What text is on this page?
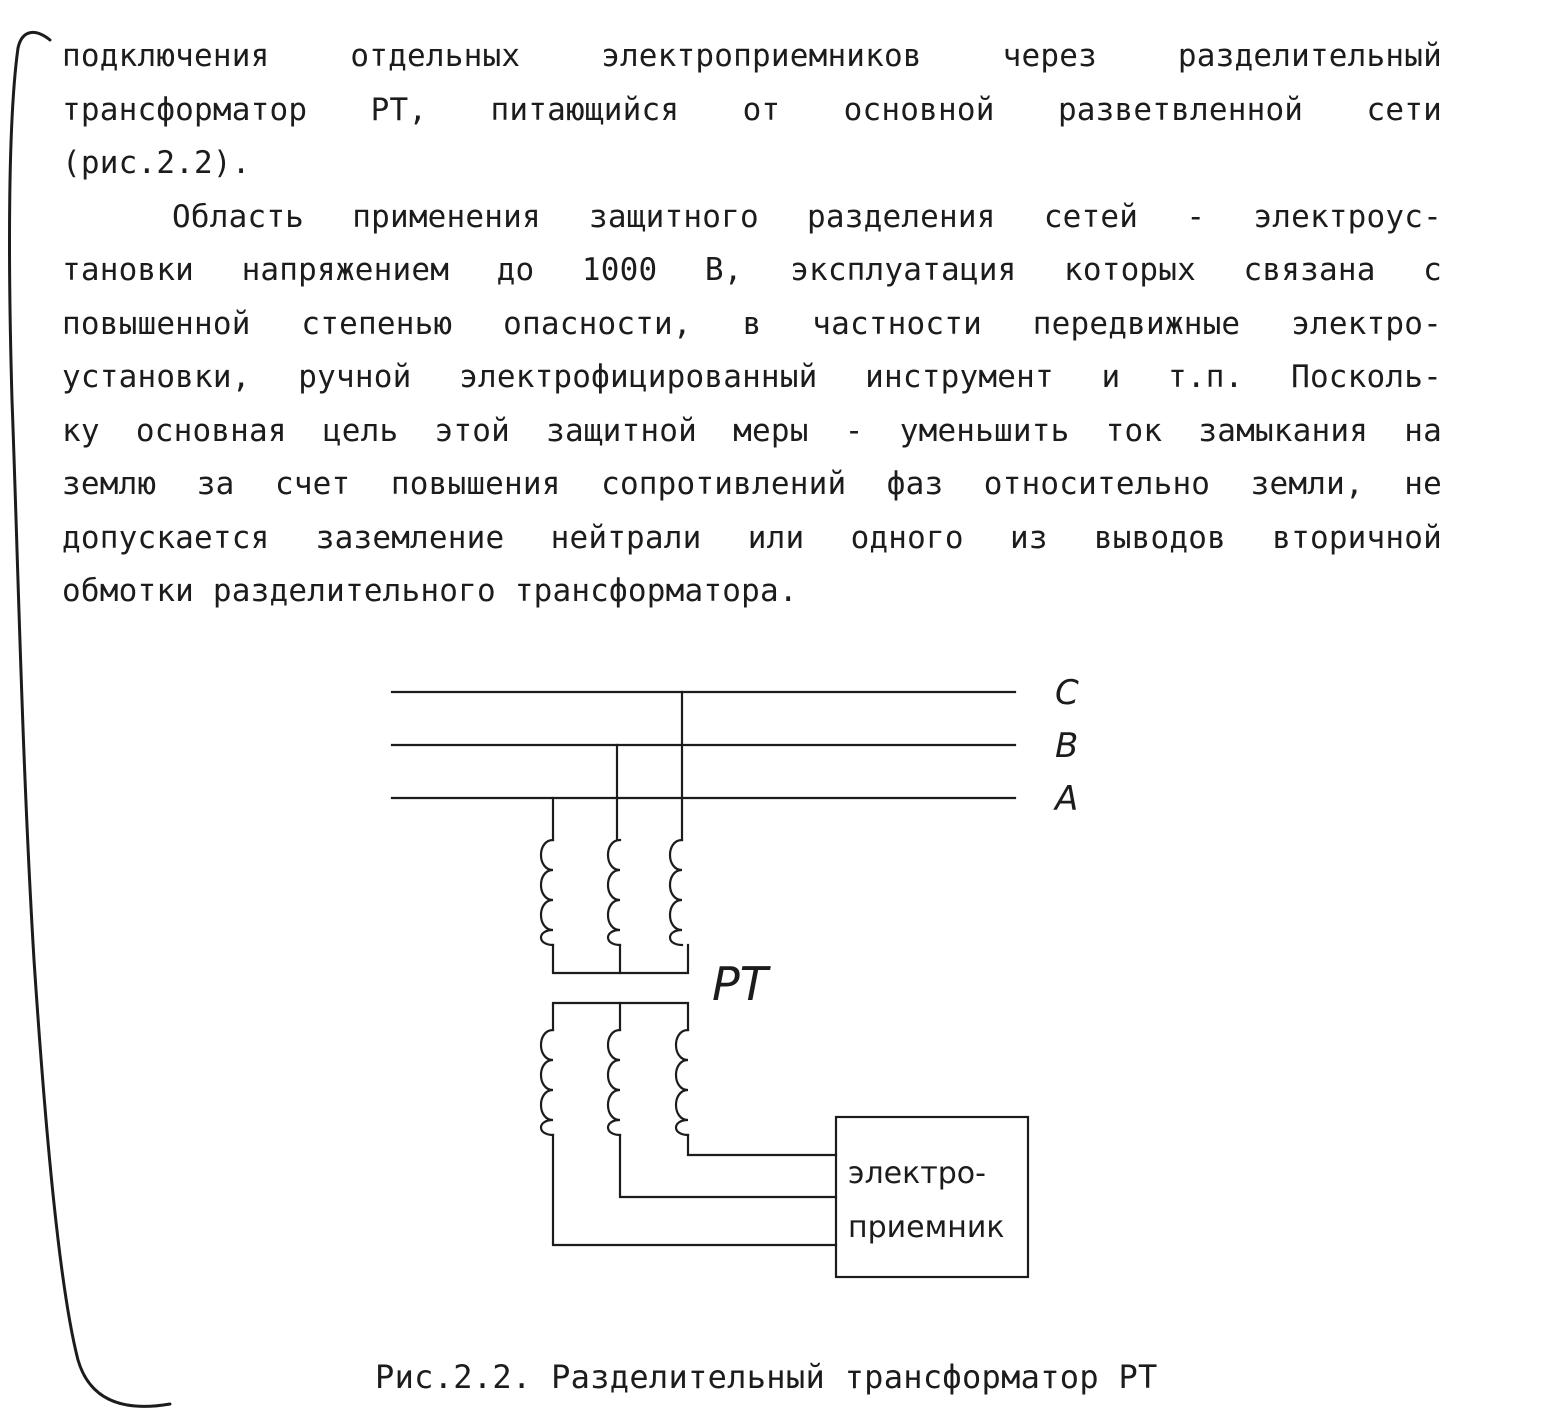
подключения отдельных электроприемников через разделительный
трансформатор РТ, питающийся от основной разветвленной сети
(рис.2.2).
Область применения защитного разделения сетей - электроус-
тановки напряжением до 1000 В, эксплуатация которых связана с
повышенной степенью опасности, в частности передвижные электро-
установки, ручной электрофицированный инструмент и т.п. Посколь-
ку основная цель этой защитной меры - уменьшить ток замыкания на
землю за счет повышения сопротивлений фаз относительно земли, не
допускается заземление нейтрали или одного из выводов вторичной
обмотки разделительного трансформатора.
C
B
A
PT
электро-
приемник
Рис.2.2. Разделительный трансформатор РТ
